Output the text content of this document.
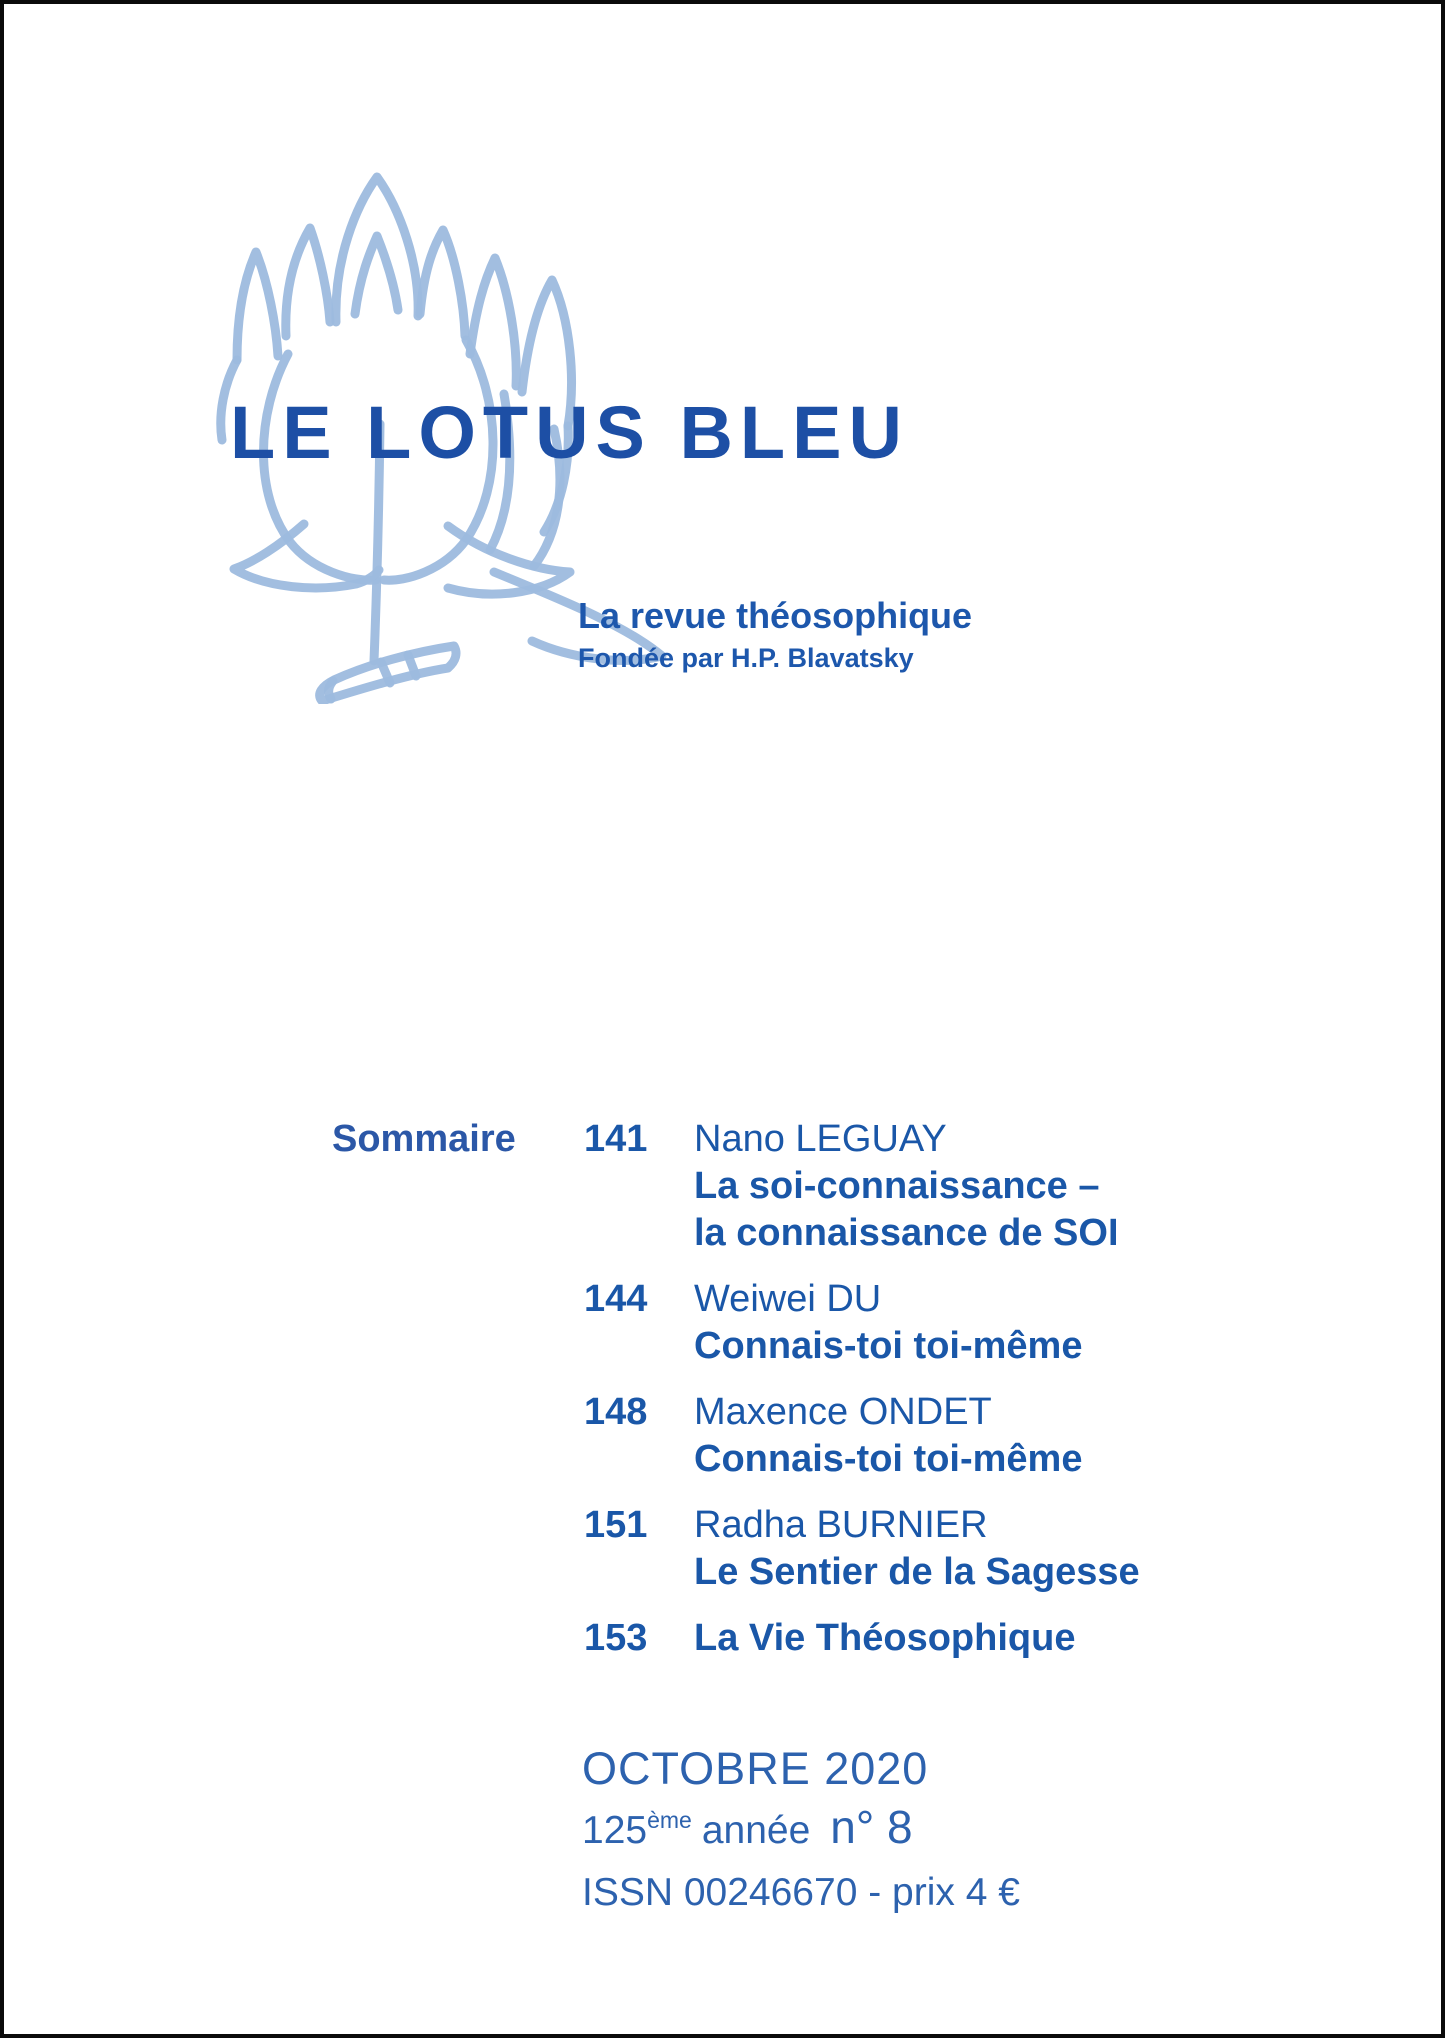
LE LOTUS BLEU
La revue théosophique
Fondée par H.P. Blavatsky
Sommaire 141	Nano LEGUAY
La soi-connaissance –
la connaissance de SOI
144	Weiwei DU
Connais-toi toi-même
148	Maxence ONDET
Connais-toi toi-même
151	Radha BURNIER
Le Sentier de la Sagesse
153	La Vie Théosophique
OCTOBRE 2020
125ème année n° 8
ISSN 00246670 - prix 4 €
